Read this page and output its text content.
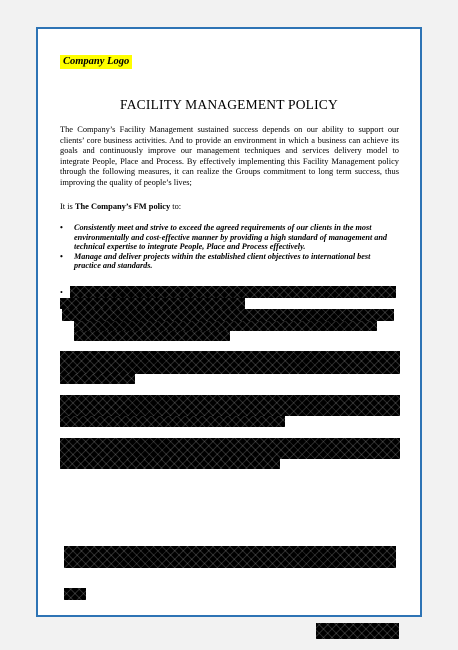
Company Logo
FACILITY MANAGEMENT POLICY

The Company’s Facility Management sustained success depends on our ability to support our clients’ core business activities. And to provide an environment in which a business can achieve its goals and continuously improve our management techniques and services delivery model to integrate People, Place and Process. By effectively implementing this Facility Management policy through the following measures, it can realize the Groups commitment to long term success, thus improving the quality of people’s lives;

It is The Company’s FM policy to:
• Consistently meet and strive to exceed the agreed requirements of our clients in the most environmentally and cost-effective manner by providing a high standard of management and technical expertise to integrate People, Place and Process effectively.
• Manage and deliver projects within the established client objectives to international best practice and standards.
•
